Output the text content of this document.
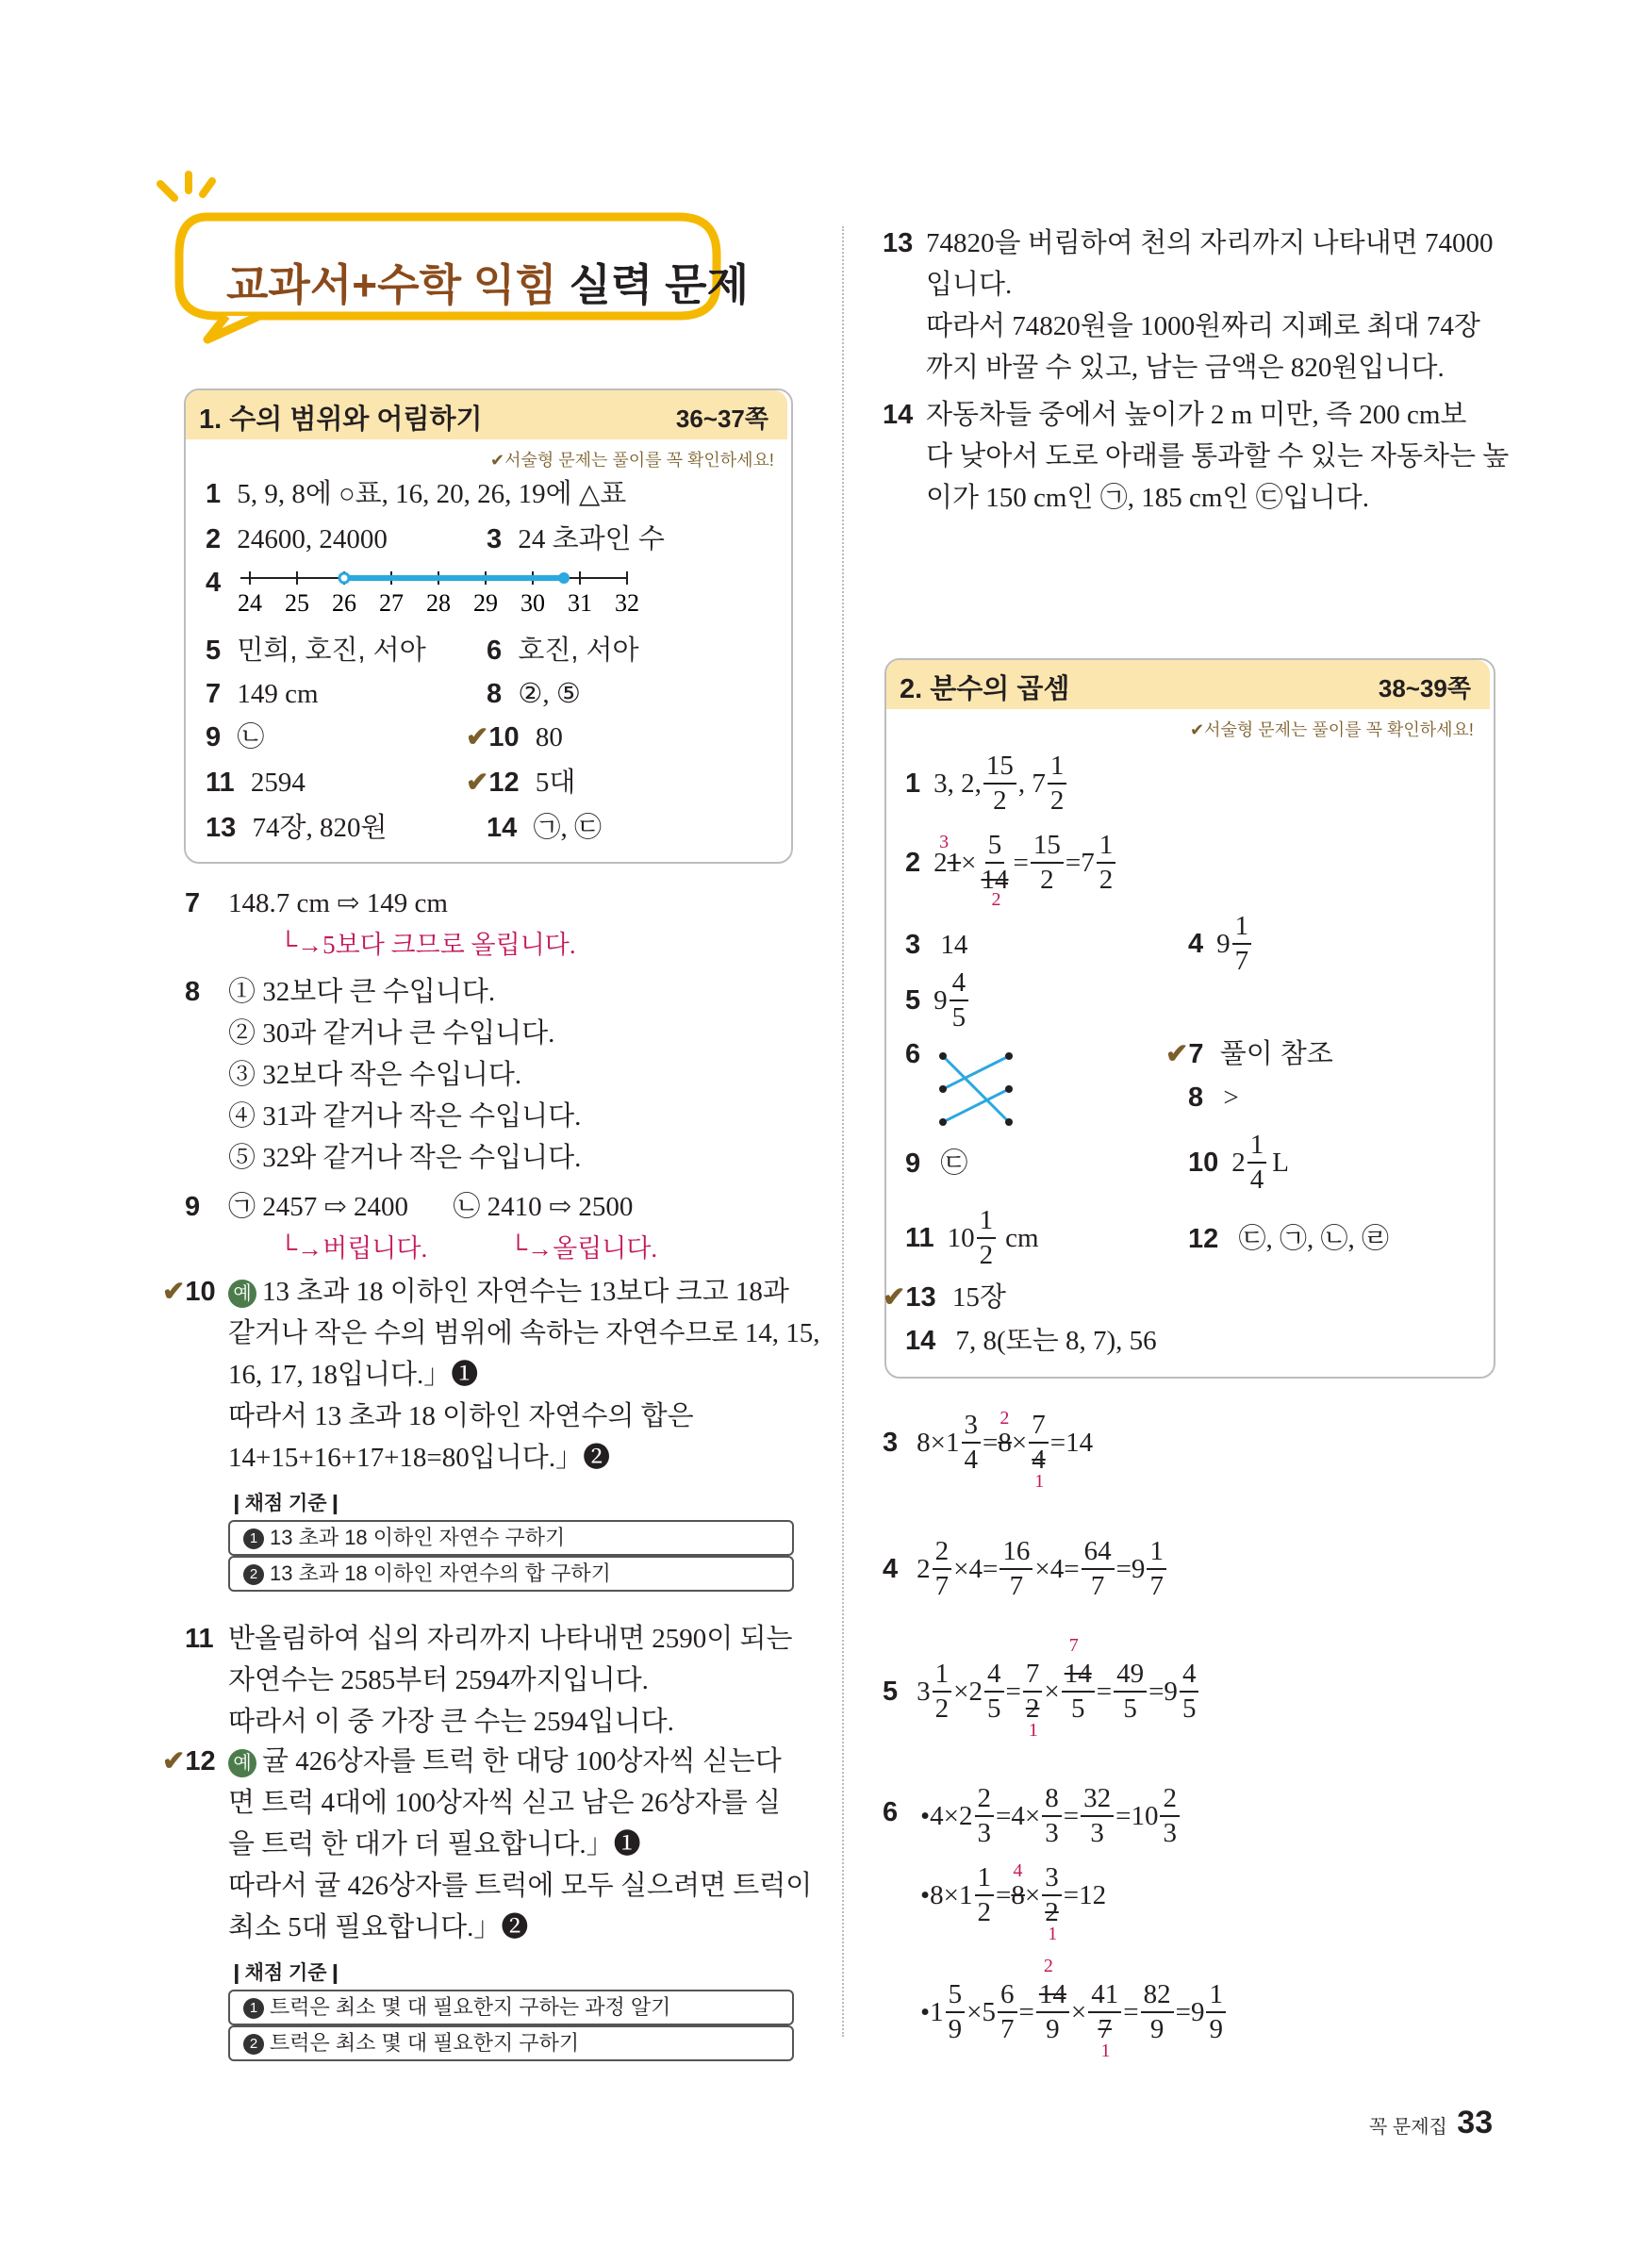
교과서+수학 익힘 실력 문제
1. 수의 범위와 어림하기	36~37쪽
✔서술형 문제는 풀이를 꼭 확인하세요!
1 5, 9, 8에 ○표, 16, 20, 26, 19에 △표
2 24600, 24000	3 24 초과인 수
4
24 25 26 27 28 29 30 31 32
5 민희, 호진, 서아 6 호진, 서아
7 149 cm	8 ②, ⑤
9 ㉡	✔10 80
11 2594	✔12 5대
13 74장, 820원	14 ㉠, ㉢
7 148.7 cm ⇨ 149 cm
└→5보다 크므로 올립니다.
8 ① 32보다 큰 수입니다.
② 30과 같거나 큰 수입니다.
③ 32보다 작은 수입니다.
④ 31과 같거나 작은 수입니다.
⑤ 32와 같거나 작은 수입니다.
9 ㉠ 2457 ⇨ 2400 ㉡ 2410 ⇨ 2500
└→버립니다.	└→올립니다.
✔10 예 13 초과 18 이하인 자연수는 13보다 크고 18과
같거나 작은 수의 범위에 속하는 자연수므로 14, 15,
16, 17, 18입니다.」❶
따라서 13 초과 18 이하인 자연수의 합은
14+15+16+17+18=80입니다.」❷
❙채점 기준❙
1 13 초과 18 이하인 자연수 구하기
2 13 초과 18 이하인 자연수의 합 구하기
11 반올림하여 십의 자리까지 나타내면 2590이 되는
자연수는 2585부터 2594까지입니다.
따라서 이 중 가장 큰 수는 2594입니다.
✔12 예 귤 426상자를 트럭 한 대당 100상자씩 싣는다
면 트럭 4대에 100상자씩 싣고 남은 26상자를 실
을 트럭 한 대가 더 필요합니다.」❶
따라서 귤 426상자를 트럭에 모두 실으려면 트럭이
최소 5대 필요합니다.」❷
❙채점 기준❙
1 트럭은 최소 몇 대 필요한지 구하는 과정 알기
2 트럭은 최소 몇 대 필요한지 구하기
13 74820을 버림하여 천의 자리까지 나타내면 74000
입니다.
따라서 74820원을 1000원짜리 지폐로 최대 74장
까지 바꿀 수 있고, 남는 금액은 820원입니다.
14 자동차들 중에서 높이가 2 m 미만, 즉 200 cm보
다 낮아서 도로 아래를 통과할 수 있는 자동차는 높
이가 150 cm인 ㉠, 185 cm인 ㉢입니다.
2. 분수의 곱셈	38~39쪽
✔서술형 문제는 풀이를 꼭 확인하세요!
1 3, 2, $\frac{15}{2}$ , $7 \frac{1}{2}$
2 21
3
× 5
14
$2 = \frac{15}{2} =7 \frac{1}{2}$
3 14	4 $9 \frac{1}{7}$
5 $9 \frac{4}{5}$
6	✔7 풀이 참조
8 >
9 ㉢	10 $2 \frac{1}{4}$ L
11 $10 \frac{1}{2}$ cm	12 ㉢, ㉠, ㉡, ㉣
✔13 15장
14 7, 8(또는 8, 7), 56
3 $8\times 1 \frac{3}{4} = 8$
2
× 7
4
1 =14
4 $2 \frac{2}{7} \times 4= \frac{16}{7} \times 4= \frac{64}{7} =9 \frac{1}{7}$
5 $3 \frac{1}{2} \times 2 \frac{4}{5} = 7$
2
1 × 14
7
$5 = \frac{49}{5} =9 \frac{4}{5}$
6 •4×2 $\frac{2}{3} =4\times \frac{8}{3} = \frac{32}{3} =10 \frac{2}{3}$
•8×1 $\frac{1}{2} = 8$
4
× 3
2
1 =12
•1 $\frac{5}{9} \times 5 \frac{6}{7} = 14$
2
9 × 41
7
$1 = \frac{82}{9} =9 \frac{1}{9}$
꼭 문제집 33
